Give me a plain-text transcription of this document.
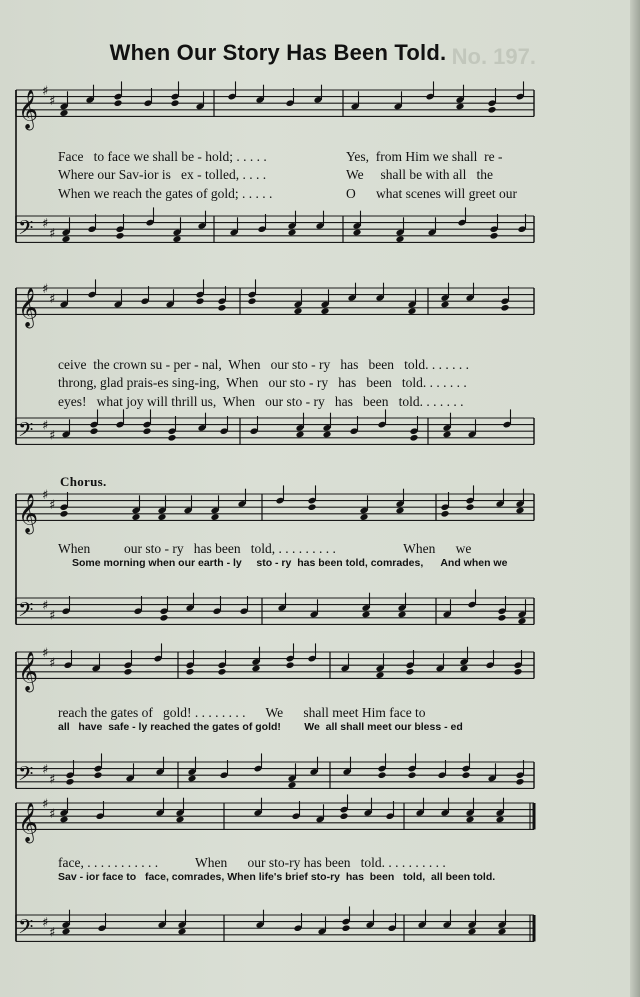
No. 197.
When Our Story Has Been Told.
𝄞 ♯
♯
𝄢 ♯
♯
𝄞 ♯
♯
𝄢 ♯
♯
𝄞 ♯
♯
𝄢 ♯
♯
𝄞 ♯
♯
𝄢 ♯
♯
𝄞 ♯
♯
𝄢 ♯
♯
Face   to face we shall be - hold; . . . . .
Where our Sav-ior is   ex - tolled, . . . .
When we reach the gates of gold; . . . . .
Yes,  from Him we shall  re -
We     shall be with all   the
O      what scenes will greet our
ceive  the crown su - per - nal,  When   our sto - ry   has   been   told. . . . . . .
throng, glad prais-es sing-ing,  When   our sto - ry   has   been   told. . . . . . .
eyes!   what joy will thrill us,  When   our sto - ry   has   been   told. . . . . . .
Chorus.
When          our sto - ry   has been   told, . . . . . . . . .                    When      we
Some morning when our earth - ly     sto - ry  has been told, comrades,      And when we
reach the gates of   gold! . . . . . . . .      We      shall meet Him face to
all   have  safe - ly reached the gates of gold!        We  all shall meet our bless - ed
face, . . . . . . . . . . .           When      our sto-ry has been   told. . . . . . . . . .
Sav - ior face to   face, comrades, When life's brief sto-ry  has  been   told,  all been told.
